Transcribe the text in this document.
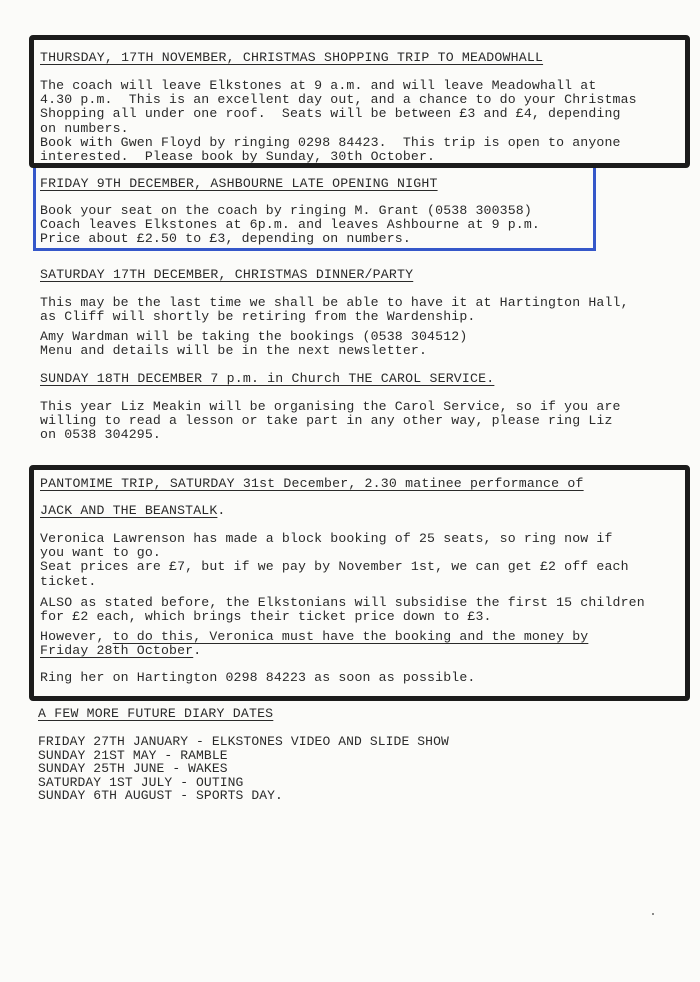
THURSDAY, 17TH NOVEMBER, CHRISTMAS SHOPPING TRIP TO MEADOWHALL

The coach will leave Elkstones at 9 a.m. and will leave Meadowhall at

4.30 p.m.  This is an excellent day out, and a chance to do your Christmas

Shopping all under one roof.  Seats will be between £3 and £4, depending

on numbers.

Book with Gwen Floyd by ringing 0298 84423.  This trip is open to anyone

interested.  Please book by Sunday, 30th October.

FRIDAY 9TH DECEMBER, ASHBOURNE LATE OPENING NIGHT

Book your seat on the coach by ringing M. Grant (0538 300358)

Coach leaves Elkstones at 6p.m. and leaves Ashbourne at 9 p.m.

Price about £2.50 to £3, depending on numbers.

SATURDAY 17TH DECEMBER, CHRISTMAS DINNER/PARTY

This may be the last time we shall be able to have it at Hartington Hall,

as Cliff will shortly be retiring from the Wardenship.

Amy Wardman will be taking the bookings (0538 304512)

Menu and details will be in the next newsletter.

SUNDAY 18TH DECEMBER 7 p.m. in Church THE CAROL SERVICE.

This year Liz Meakin will be organising the Carol Service, so if you are

willing to read a lesson or take part in any other way, please ring Liz

on 0538 304295.

PANTOMIME TRIP, SATURDAY 31st December, 2.30 matinee performance of

JACK AND THE BEANSTALK.

Veronica Lawrenson has made a block booking of 25 seats, so ring now if

you want to go.

Seat prices are £7, but if we pay by November 1st, we can get £2 off each

ticket.

ALSO as stated before, the Elkstonians will subsidise the first 15 children

for £2 each, which brings their ticket price down to £3.

However, to do this, Veronica must have the booking and the money by

Friday 28th October.

Ring her on Hartington 0298 84223 as soon as possible.

A FEW MORE FUTURE DIARY DATES

FRIDAY 27TH JANUARY - ELKSTONES VIDEO AND SLIDE SHOW

SUNDAY 21ST MAY - RAMBLE

SUNDAY 25TH JUNE - WAKES

SATURDAY 1ST JULY - OUTING

SUNDAY 6TH AUGUST - SPORTS DAY.
